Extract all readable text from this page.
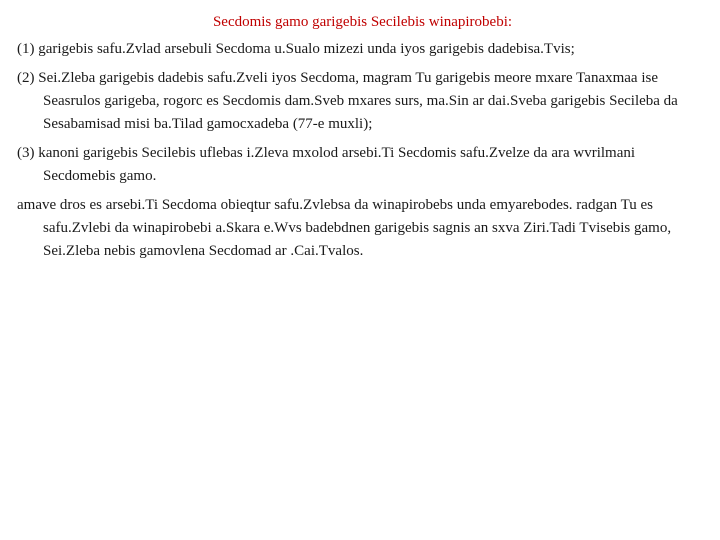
Secdomis gamo garigebis Secilebis winapirobebi:

(1) garigebis safu.Zvlad arsebuli Secdoma u.Sualo mizezi unda iyos garigebis dadebisa.Tvis;

(2) Sei.Zleba garigebis dadebis safu.Zveli iyos Secdoma, magram Tu garigebis meore mxare Tanaxmaa ise Seasrulos garigeba, rogorc es Secdomis dam.Sveb mxares surs, ma.Sin ar dai.Sveba garigebis Secileba da Sesabamisad misi ba.Tilad gamocxadeba (77-e muxli);

(3) kanoni garigebis Secilebis uflebas i.Zleva mxolod arsebi.Ti Secdomis safu.Zvelze da ara wvrilmani Secdomebis gamo.

amave dros es arsebi.Ti Secdoma obieqtur safu.Zvlebsa da winapirobebs unda emyarebodes. radgan Tu es safu.Zvlebi da winapirobebi a.Skara e.Wvs badebdnen garigebis sagnis an sxva Ziri.Tadi Tvisebis gamo, Sei.Zleba nebis gamovlena Secdomad ar .Cai.Tvalos.
